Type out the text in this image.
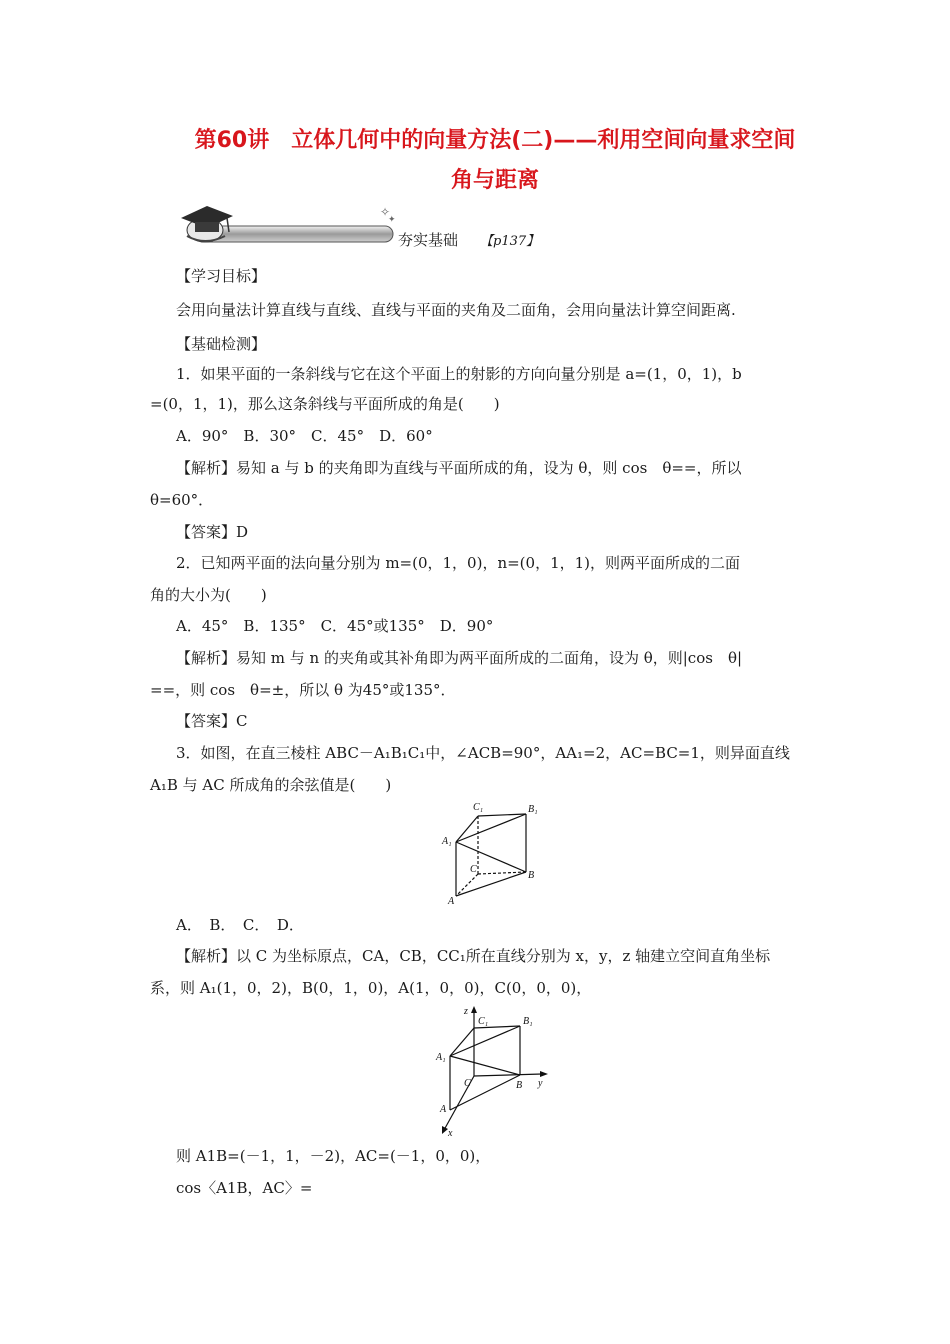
第60讲　立体几何中的向量方法(二)——利用空间向量求空间
角与距离
✧
✦
夯实基础 【p137】
【学习目标】
会用向量法计算直线与直线、直线与平面的夹角及二面角，会用向量法计算空间距离.
【基础检测】
1．如果平面的一条斜线与它在这个平面上的射影的方向向量分别是 a=(1，0，1)，b
=(0，1，1)，那么这条斜线与平面所成的角是(　　)
A．90°　B．30°　C．45°　D．60°
【解析】易知 a 与 b 的夹角即为直线与平面所成的角，设为 θ，则 cos　θ==，所以
θ=60°．
【答案】D
2．已知两平面的法向量分别为 m=(0，1，0)，n=(0，1，1)，则两平面所成的二面
角的大小为(　　)
A．45°　B．135°　C．45°或135°　D．90°
【解析】易知 m 与 n 的夹角或其补角即为两平面所成的二面角，设为 θ，则|cos　θ|
==，则 cos　θ=±，所以 θ 为45°或135°．
【答案】C
3．如图，在直三棱柱 ABC－A₁B₁C₁中，∠ACB=90°，AA₁=2，AC=BC=1，则异面直线
A₁B 与 AC 所成角的余弦值是(　　)
C₁	B₁
A₁
C
B
A
A．　B．　C．　D．
【解析】以 C 为坐标原点，CA，CB，CC₁所在直线分别为 x，y，z 轴建立空间直角坐标
系，则 A₁(1，0，2)，B(0，1，0)，A(1，0，0)，C(0，0，0)，
z
C₁	B₁
A₁
C	B
A
y
x
则 A1B=(－1，1，－2)，AC=(－1，0，0)，
cos〈A1B，AC〉=
